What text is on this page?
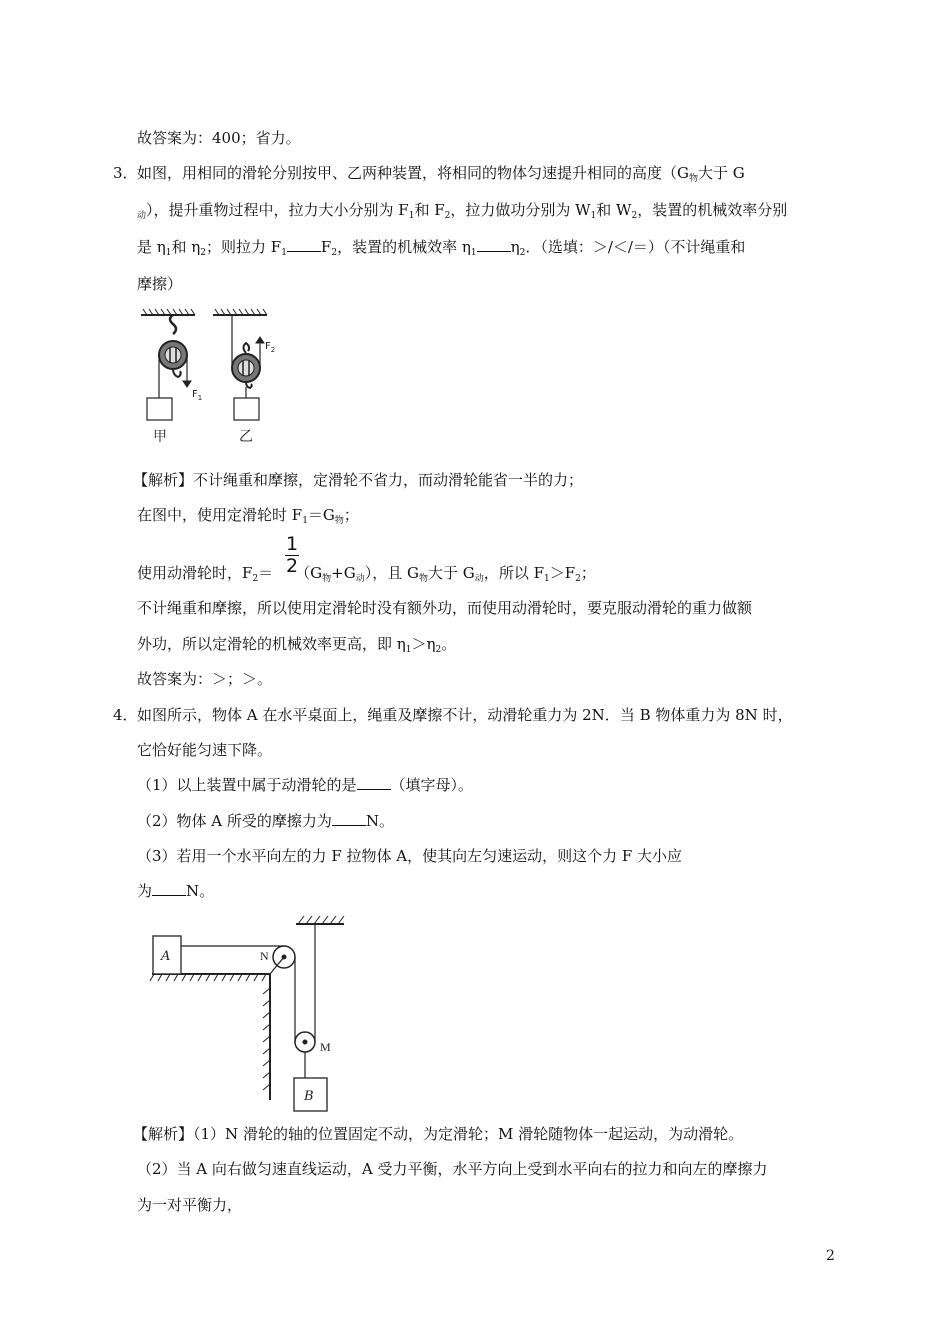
故答案为：400；省力。
3． 如图，用相同的滑轮分别按甲、乙两种装置，将相同的物体匀速提升相同的高度（$G_物$大于 G
$_动$），提升重物过程中，拉力大小分别为 $F_1$和 $F_2$，拉力做功分别为 $W_1$和 $W_2$，装置的机械效率分别
是 $\eta_1$和 $\eta_2$；则拉力 $F_1$ $F_2$，装置的机械效率 $\eta_1$ $\eta_2$．（选填：＞/＜/＝）（不计绳重和
摩擦）
$F_1$
$F_2$
甲	乙
【解析】不计绳重和摩擦，定滑轮不省力，而动滑轮能省一半的力；
在图中，使用定滑轮时 $F_1=G_物$；
1
2
使用动滑轮时，$F_2= (G_物+G_动)$，且 $G_物$大于 $G_动$，所以 $F_1>F_2$；
不计绳重和摩擦，所以使用定滑轮时没有额外功，而使用动滑轮时，要克服动滑轮的重力做额
外功，所以定滑轮的机械效率更高，即 $\eta_1>\eta_2$。
故答案为：＞；＞。
4． 如图所示，物体 A 在水平桌面上，绳重及摩擦不计，动滑轮重力为 2N．当 B 物体重力为 8N 时，
它恰好能匀速下降。
（1）以上装置中属于动滑轮的是 （填字母）。
（2）物体 A 所受的摩擦力为 N。
（3）若用一个水平向左的力 F 拉物体 A，使其向左匀速运动，则这个力 F 大小应
为 N。
A	N
M
B
【解析】（1）N 滑轮的轴的位置固定不动，为定滑轮；M 滑轮随物体一起运动，为动滑轮。
（2）当 A 向右做匀速直线运动，A 受力平衡，水平方向上受到水平向右的拉力和向左的摩擦力
为一对平衡力，
2
